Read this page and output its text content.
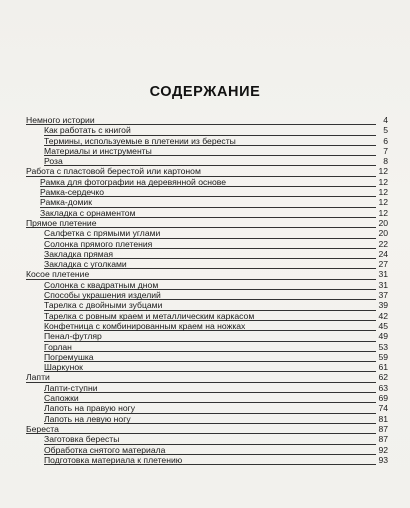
СОДЕРЖАНИЕ
Немного истории	4
Как работать с книгой	5
Термины, используемые в плетении из бересты	6
Материалы и инструменты	7
Роза	8
Работа с пластовой берестой или картоном	12
Рамка для фотографии на деревянной основе	12
Рамка-сердечко	12
Рамка-домик	12
Закладка с орнаментом	12
Прямое плетение	20
Салфетка с прямыми углами	20
Солонка прямого плетения	22
Закладка прямая	24
Закладка с уголками	27
Косое плетение	31
Солонка с квадратным дном	31
Способы украшения изделий	37
Тарелка с двойными зубцами	39
Тарелка с ровным краем и металлическим каркасом	42
Конфетница с комбинированным краем на ножках	45
Пенал-футляр	49
Горлан	53
Погремушка	59
Шаркунок	61
Лапти	62
Лапти-ступни	63
Сапожки	69
Лапоть на правую ногу	74
Лапоть на левую ногу	81
Береста	87
Заготовка бересты	87
Обработка снятого материала	92
Подготовка материала к плетению	93
